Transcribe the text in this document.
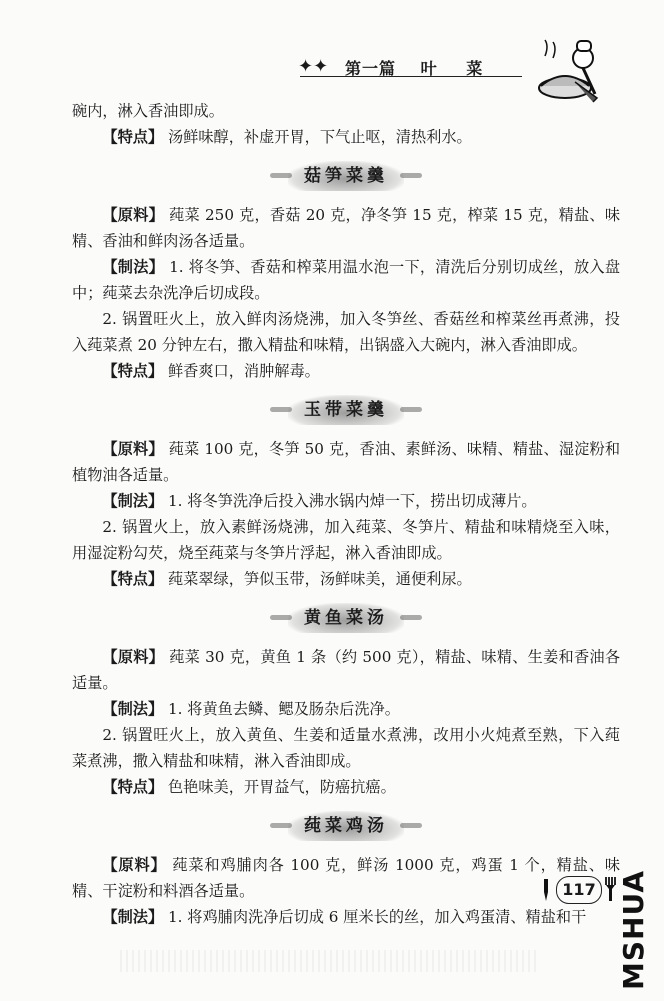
✦✦ 第一篇 叶 菜

碗内，淋入香油即成。

【特点】 汤鲜味醇，补虚开胃，下气止呕，清热利水。

菇笋菜羹

【原料】 莼菜 250 克，香菇 20 克，净冬笋 15 克，榨菜 15 克，精盐、味精、香油和鲜肉汤各适量。

【制法】 1. 将冬笋、香菇和榨菜用温水泡一下，清洗后分别切成丝，放入盘中；莼菜去杂洗净后切成段。

2. 锅置旺火上，放入鲜肉汤烧沸，加入冬笋丝、香菇丝和榨菜丝再煮沸，投入莼菜煮 20 分钟左右，撒入精盐和味精，出锅盛入大碗内，淋入香油即成。

【特点】 鲜香爽口，消肿解毒。

玉带菜羹

【原料】 莼菜 100 克，冬笋 50 克，香油、素鲜汤、味精、精盐、湿淀粉和植物油各适量。

【制法】 1. 将冬笋洗净后投入沸水锅内焯一下，捞出切成薄片。

2. 锅置火上，放入素鲜汤烧沸，加入莼菜、冬笋片、精盐和味精烧至入味，用湿淀粉勾芡，烧至莼菜与冬笋片浮起，淋入香油即成。

【特点】 莼菜翠绿，笋似玉带，汤鲜味美，通便利尿。

黄鱼菜汤

【原料】 莼菜 30 克，黄鱼 1 条（约 500 克），精盐、味精、生姜和香油各适量。

【制法】 1. 将黄鱼去鳞、鳃及肠杂后洗净。

2. 锅置旺火上，放入黄鱼、生姜和适量水煮沸，改用小火炖煮至熟，下入莼菜煮沸，撒入精盐和味精，淋入香油即成。

【特点】 色艳味美，开胃益气，防癌抗癌。

莼菜鸡汤

【原料】 莼菜和鸡脯肉各 100 克，鲜汤 1000 克，鸡蛋 1 个，精盐、味精、干淀粉和料酒各适量。

【制法】 1. 将鸡脯肉洗净后切成 6 厘米长的丝，加入鸡蛋清、精盐和干

117 MSHUA
